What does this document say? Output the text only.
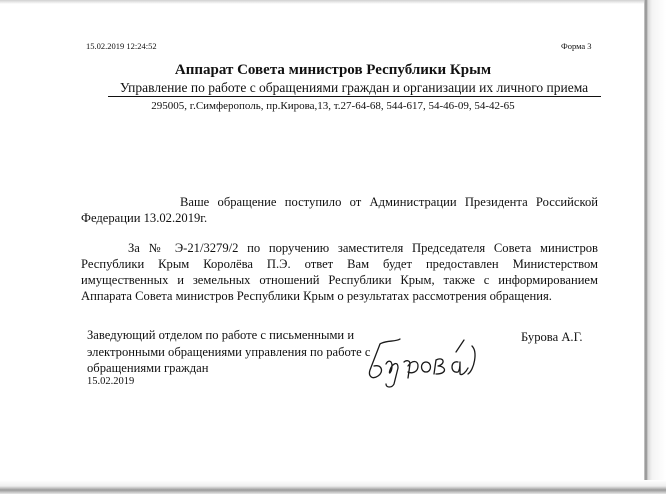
15.02.2019 12:24:52	Форма 3
Аппарат Совета министров Республики Крым
Управление по работе с обращениями граждан и организации их личного приема
295005, г.Симферополь, пр.Кирова,13, т.27-64-68, 544-617, 54-46-09, 54-42-65
Ваше обращение поступило от Администрации Президента Российской Федерации 13.02.2019г.
За № Э-21/3279/2 по поручению заместителя Председателя Совета министров Республики Крым Королёва П.Э. ответ Вам будет предоставлен Министерством имущественных и земельных отношений Республики Крым, также с информированием Аппарата Совета министров Республики Крым о результатах рассмотрения обращения.
Заведующий отделом по работе с письменными и электронными обращениями управления по работе с обращениями граждан
15.02.2019
Бурова А.Г.
